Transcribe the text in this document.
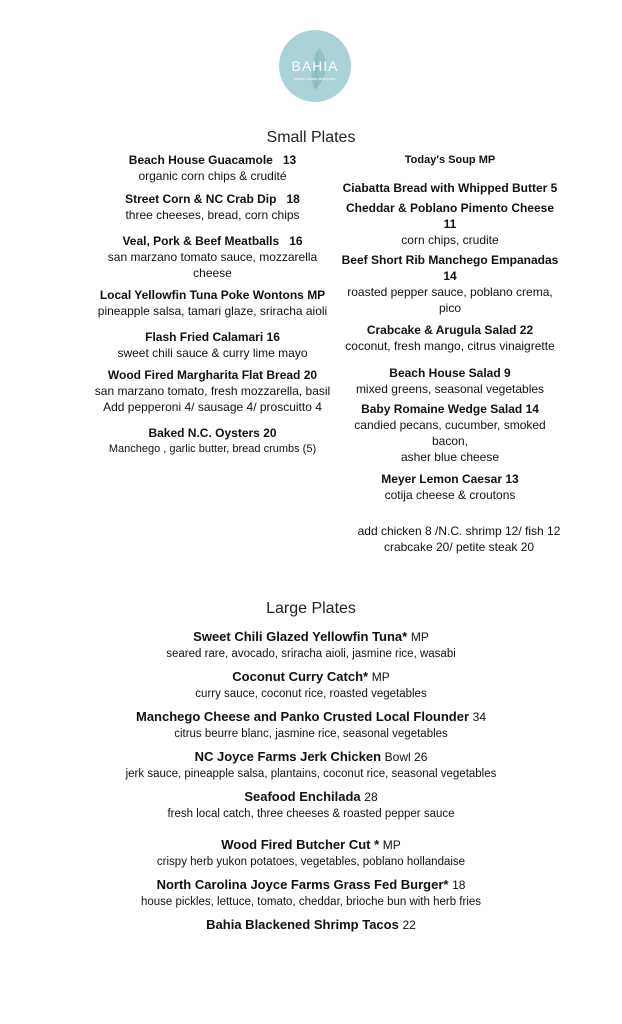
BAHIA
beach house dining bar
Small Plates
Beach House Guacamole 13
organic corn chips & crudité
Street Corn & NC Crab Dip 18
three cheeses, bread, corn chips
Veal, Pork & Beef Meatballs 16
san marzano tomato sauce, mozzarella
cheese
Local Yellowfin Tuna Poke Wontons MP
pineapple salsa, tamari glaze, sriracha aioli
Flash Fried Calamari 16
sweet chili sauce & curry lime mayo
Wood Fired Margharita Flat Bread 20
san marzano tomato, fresh mozzarella, basil
Add pepperoni 4/ sausage 4/ proscuitto 4
Baked N.C. Oysters 20
Manchego , garlic butter, bread crumbs (5)
Today's Soup MP
Ciabatta Bread with Whipped Butter 5
Cheddar & Poblano Pimento Cheese
11
corn chips, crudite
Beef Short Rib Manchego Empanadas
14
roasted pepper sauce, poblano crema,
pico
Crabcake & Arugula Salad 22
coconut, fresh mango, citrus vinaigrette
Beach House Salad 9
mixed greens, seasonal vegetables
Baby Romaine Wedge Salad 14
candied pecans, cucumber, smoked
bacon,
asher blue cheese
Meyer Lemon Caesar 13
cotija cheese & croutons
add chicken 8 /N.C. shrimp 12/ fish 12
crabcake 20/ petite steak 20
Large Plates
Sweet Chili Glazed Yellowfin Tuna* MP
seared rare, avocado, sriracha aioli, jasmine rice, wasabi
Coconut Curry Catch* MP
curry sauce, coconut rice, roasted vegetables
Manchego Cheese and Panko Crusted Local Flounder 34
citrus beurre blanc, jasmine rice, seasonal vegetables
NC Joyce Farms Jerk Chicken Bowl 26
jerk sauce, pineapple salsa, plantains, coconut rice, seasonal vegetables
Seafood Enchilada 28
fresh local catch, three cheeses & roasted pepper sauce
Wood Fired Butcher Cut * MP
crispy herb yukon potatoes, vegetables, poblano hollandaise
North Carolina Joyce Farms Grass Fed Burger* 18
house pickles, lettuce, tomato, cheddar, brioche bun with herb fries
Bahia Blackened Shrimp Tacos 22
